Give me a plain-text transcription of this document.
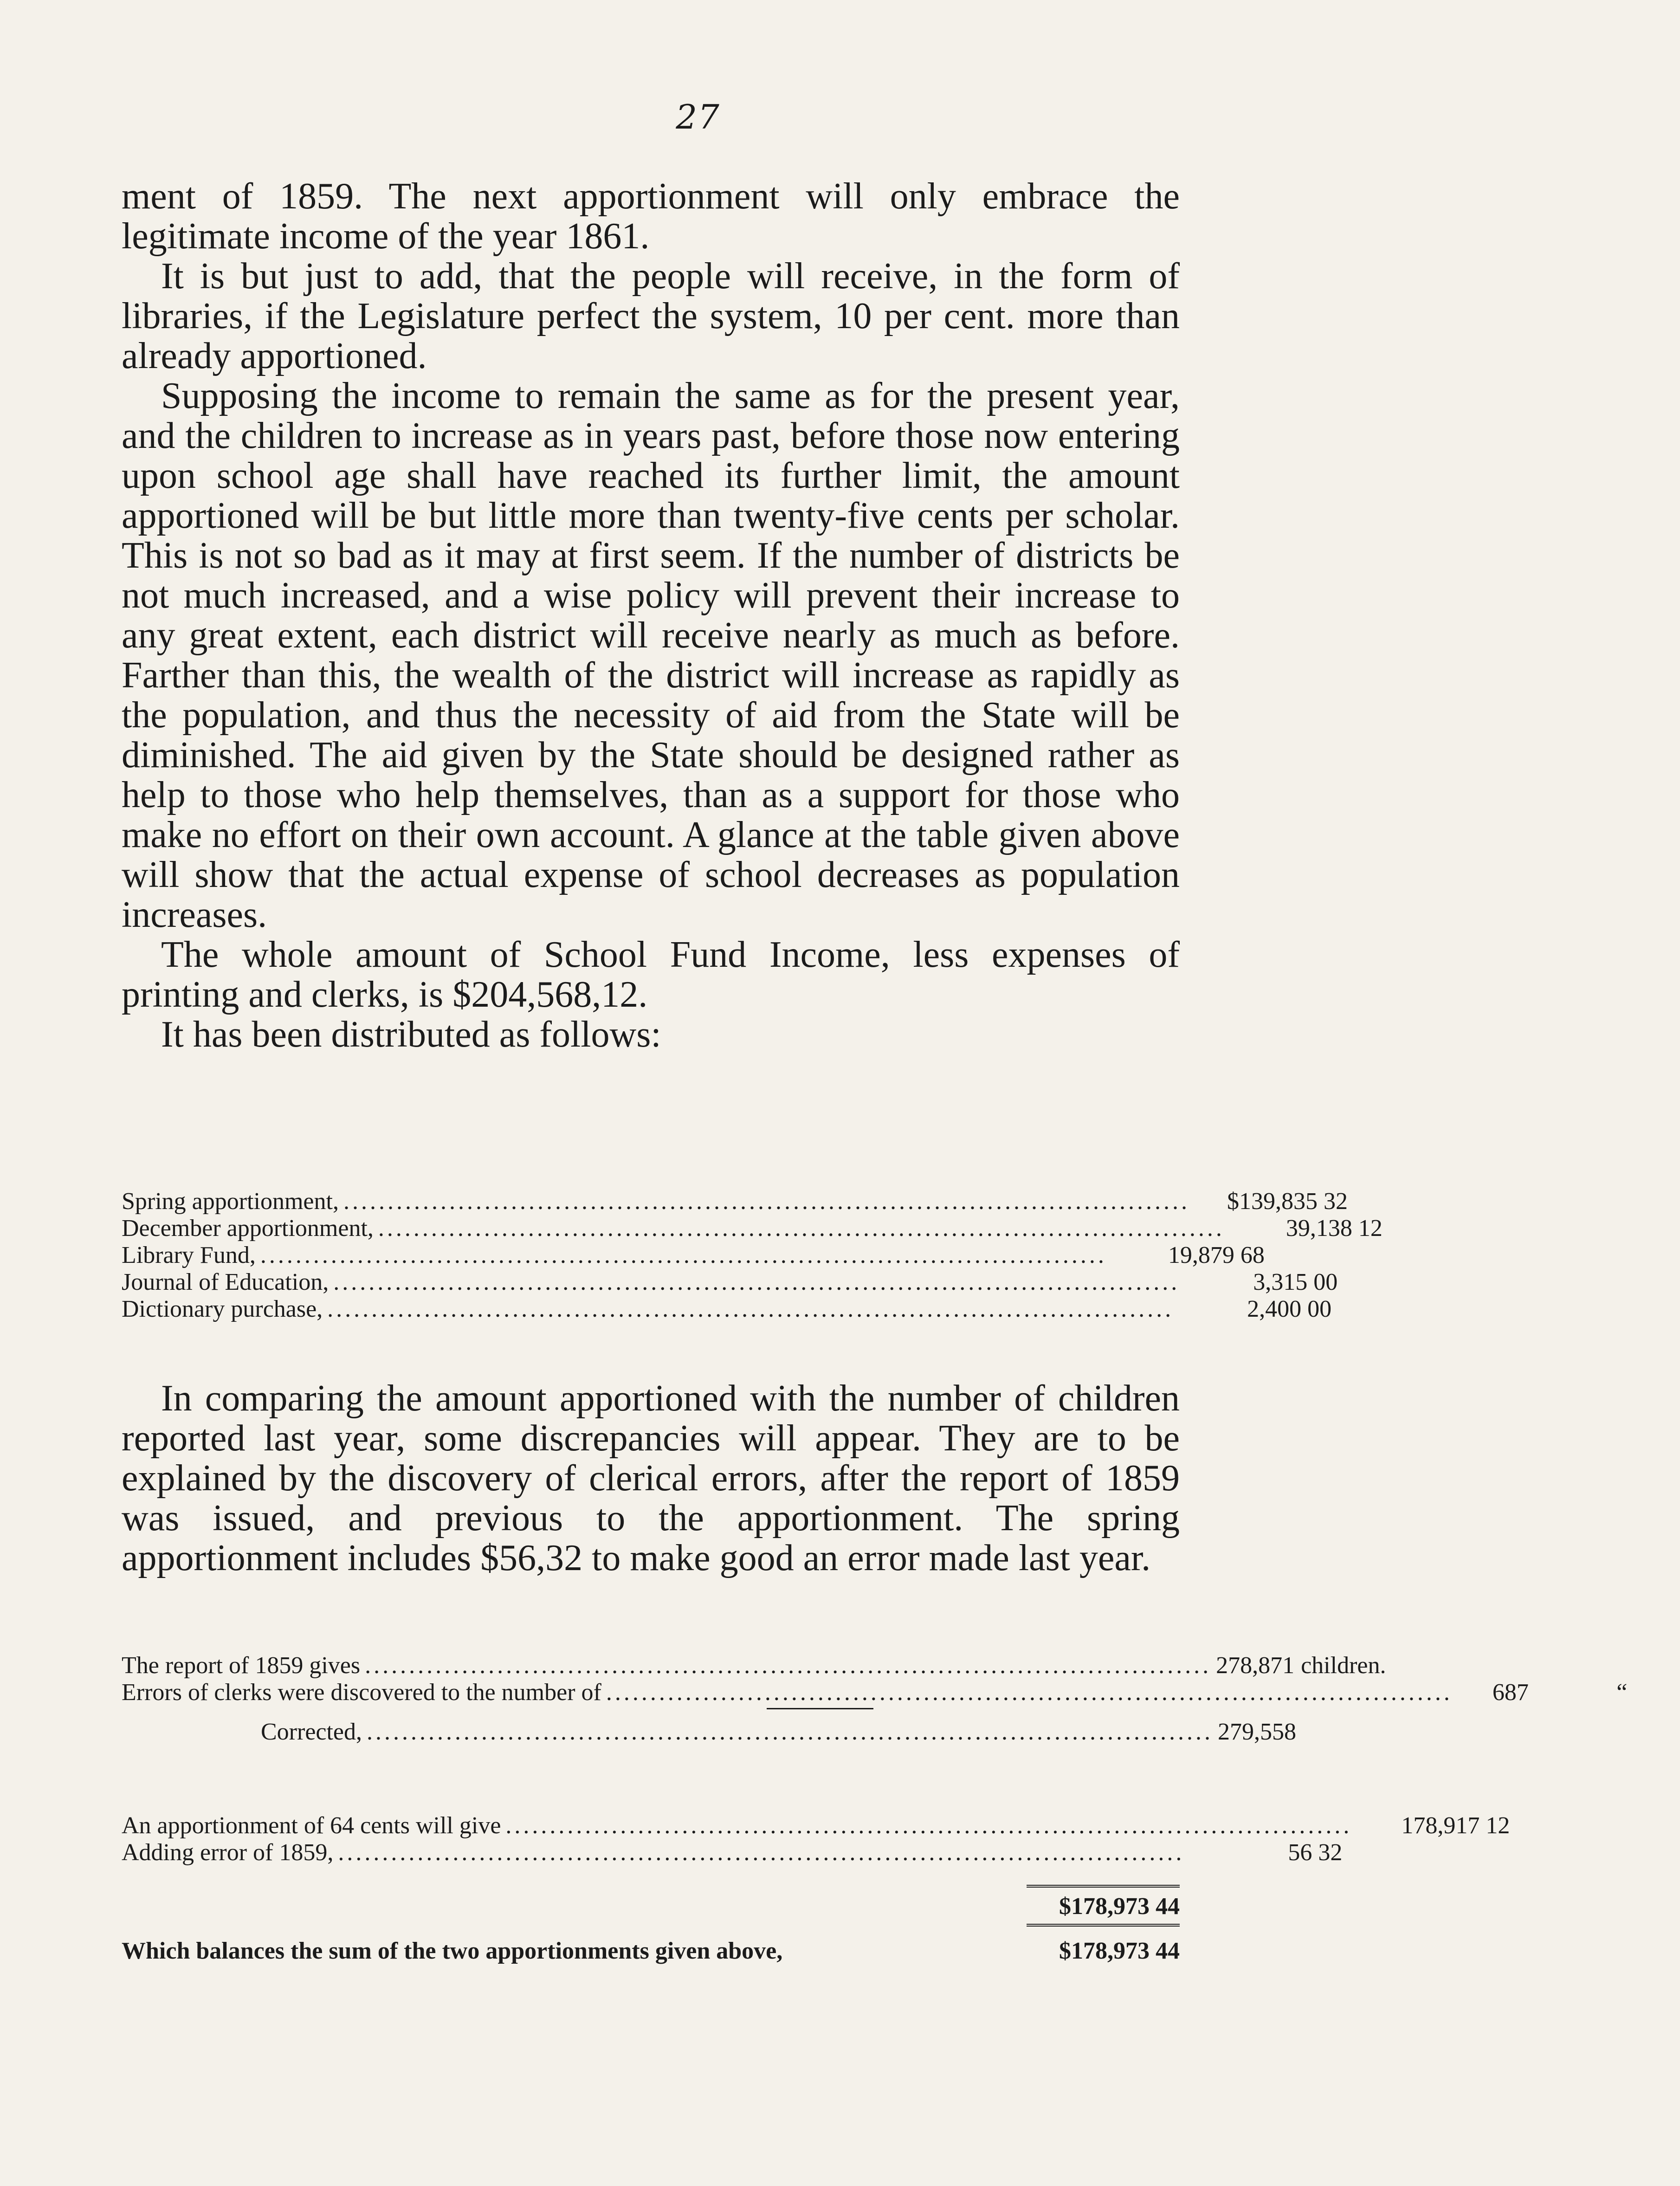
27

ment of 1859. The next apportionment will only embrace the legitimate income of the year 1861.

It is but just to add, that the people will receive, in the form of libraries, if the Legislature perfect the system, 10 per cent. more than already apportioned.

Supposing the income to remain the same as for the present year, and the children to increase as in years past, before those now entering upon school age shall have reached its further limit, the amount apportioned will be but little more than twenty-five cents per scholar. This is not so bad as it may at first seem. If the number of districts be not much increased, and a wise policy will prevent their increase to any great extent, each district will receive nearly as much as before. Farther than this, the wealth of the district will increase as rapidly as the population, and thus the necessity of aid from the State will be diminished. The aid given by the State should be designed rather as help to those who help themselves, than as a support for those who make no effort on their own account. A glance at the table given above will show that the actual expense of school decreases as population increases.

The whole amount of School Fund Income, less expenses of printing and clerks, is $204,568,12.

It has been distributed as follows:

Spring apportionment, ................................................................................................	$139,835 32
December apportionment, ................................................................................................	39,138 12
Library Fund, ................................................................................................	19,879 68
Journal of Education, ................................................................................................	3,315 00
Dictionary purchase, ................................................................................................	2,400 00

In comparing the amount apportioned with the number of children reported last year, some discrepancies will appear. They are to be explained by the discovery of clerical errors, after the report of 1859 was issued, and previous to the apportionment. The spring apportionment includes $56,32 to make good an error made last year.

The report of 1859 gives ................................................................................................ 278,871 children.
Errors of clerks were discovered to the number of ................................................................................................	687	“
Corrected, ................................................................................................ 279,558
An apportionment of 64 cents will give ................................................................................................	178,917 12
Adding error of 1859, ................................................................................................	56 32
$178,973 44
Which balances the sum of the two apportionments given above,	$178,973 44
